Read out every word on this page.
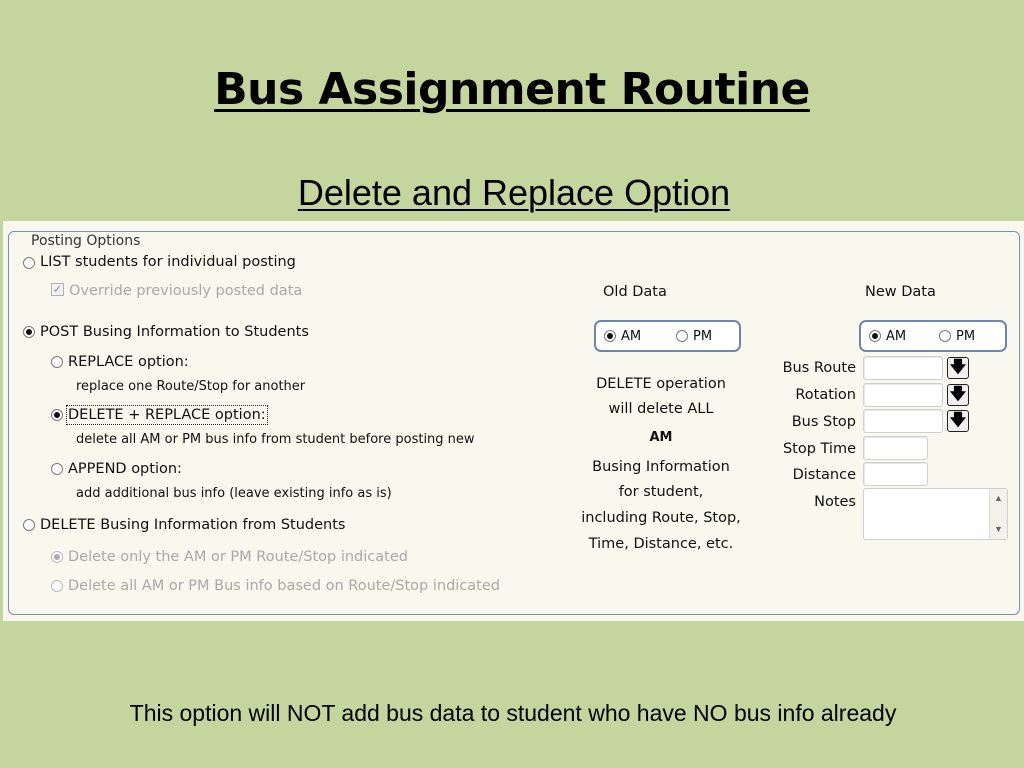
Bus Assignment Routine
Delete and Replace Option
Posting Options
LIST students for individual posting
✓ Override previously posted data
POST Busing Information to Students
REPLACE option:
replace one Route/Stop for another
DELETE + REPLACE option:
delete all AM or PM bus info from student before posting new
APPEND option:
add additional bus info (leave existing info as is)
DELETE Busing Information from Students
Delete only the AM or PM Route/Stop indicated
Delete all AM or PM Bus info based on Route/Stop indicated
Old Data
AM	PM
DELETE operation
will delete ALL
AM
Busing Information
for student,
including Route, Stop,
Time, Distance, etc.
New Data
AM	PM
Bus Route
Rotation
Bus Stop
Stop Time
Distance
Notes
🡇
🡇
🡇
▲
▼
This option will NOT add bus data to student who have NO bus info already
